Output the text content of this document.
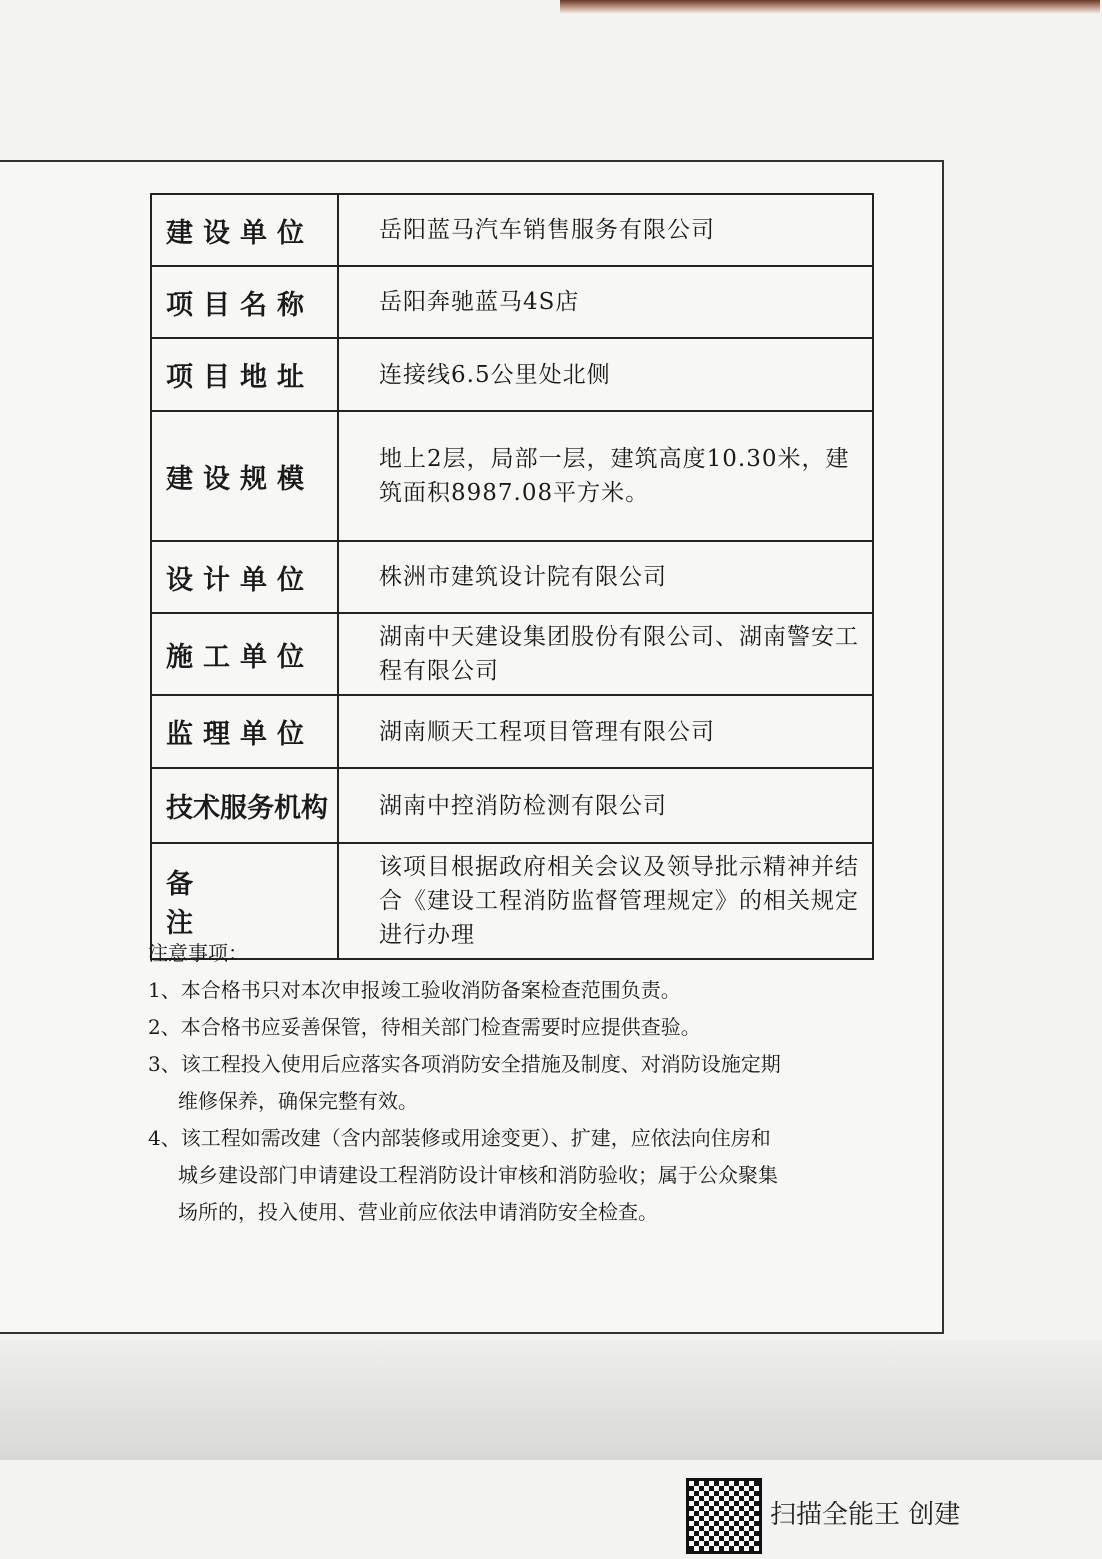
建设单位	岳阳蓝马汽车销售服务有限公司
项目名称	岳阳奔驰蓝马4S店
项目地址	连接线6.5公里处北侧
建设规模	地上2层，局部一层，建筑高度10.30米，建筑面积8987.08平方米。
设计单位	株洲市建筑设计院有限公司
施工单位	湖南中天建设集团股份有限公司、湖南警安工程有限公司
监理单位	湖南顺天工程项目管理有限公司
技术服务机构	湖南中控消防检测有限公司
备注	该项目根据政府相关会议及领导批示精神并结合《建设工程消防监督管理规定》的相关规定进行办理
注意事项：
1、本合格书只对本次申报竣工验收消防备案检查范围负责。
2、本合格书应妥善保管，待相关部门检查需要时应提供查验。
3、该工程投入使用后应落实各项消防安全措施及制度、对消防设施定期
维修保养，确保完整有效。
4、该工程如需改建（含内部装修或用途变更）、扩建，应依法向住房和
城乡建设部门申请建设工程消防设计审核和消防验收；属于公众聚集
场所的，投入使用、营业前应依法申请消防安全检查。
扫描全能王 创建
